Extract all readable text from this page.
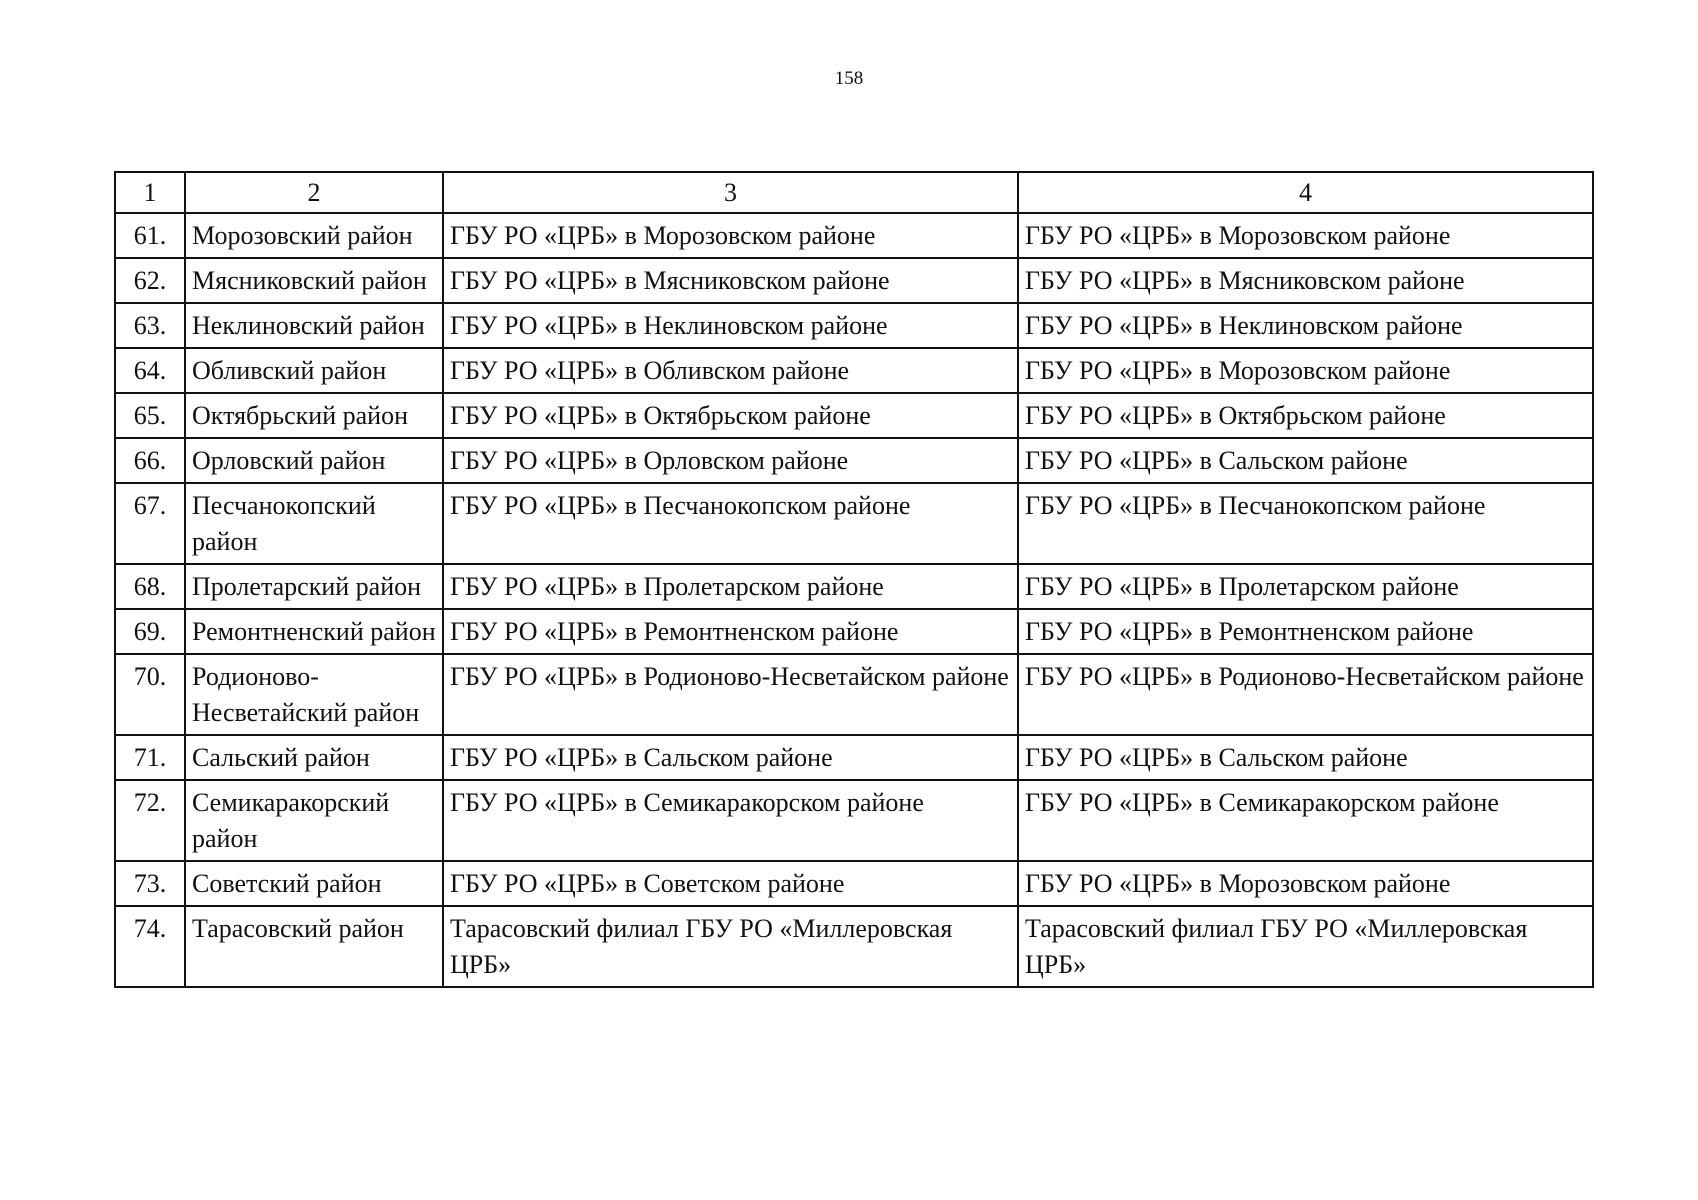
158
1	2	3	4
61.	Морозовский район	ГБУ РО «ЦРБ» в Морозовском районе	ГБУ РО «ЦРБ» в Морозовском районе
62.	Мясниковский район	ГБУ РО «ЦРБ» в Мясниковском районе	ГБУ РО «ЦРБ» в Мясниковском районе
63.	Неклиновский район	ГБУ РО «ЦРБ» в Неклиновском районе	ГБУ РО «ЦРБ» в Неклиновском районе
64.	Обливский район	ГБУ РО «ЦРБ» в Обливском районе	ГБУ РО «ЦРБ» в Морозовском районе
65.	Октябрьский район	ГБУ РО «ЦРБ» в Октябрьском районе	ГБУ РО «ЦРБ» в Октябрьском районе
66.	Орловский район	ГБУ РО «ЦРБ» в Орловском районе	ГБУ РО «ЦРБ» в Сальском районе
67.	Песчанокопский район	ГБУ РО «ЦРБ» в Песчанокопском районе	ГБУ РО «ЦРБ» в Песчанокопском районе
68.	Пролетарский район	ГБУ РО «ЦРБ» в Пролетарском районе	ГБУ РО «ЦРБ» в Пролетарском районе
69.	Ремонтненский район	ГБУ РО «ЦРБ» в Ремонтненском районе	ГБУ РО «ЦРБ» в Ремонтненском районе
70.	Родионово-Несветайский район	ГБУ РО «ЦРБ» в Родионово-Несветайском районе	ГБУ РО «ЦРБ» в Родионово-Несветайском районе
71.	Сальский район	ГБУ РО «ЦРБ» в Сальском районе	ГБУ РО «ЦРБ» в Сальском районе
72.	Семикаракорский район	ГБУ РО «ЦРБ» в Семикаракорском районе	ГБУ РО «ЦРБ» в Семикаракорском районе
73.	Советский район	ГБУ РО «ЦРБ» в Советском районе	ГБУ РО «ЦРБ» в Морозовском районе
74.	Тарасовский район	Тарасовский филиал ГБУ РО «Миллеровская ЦРБ»	Тарасовский филиал ГБУ РО «Миллеровская ЦРБ»
